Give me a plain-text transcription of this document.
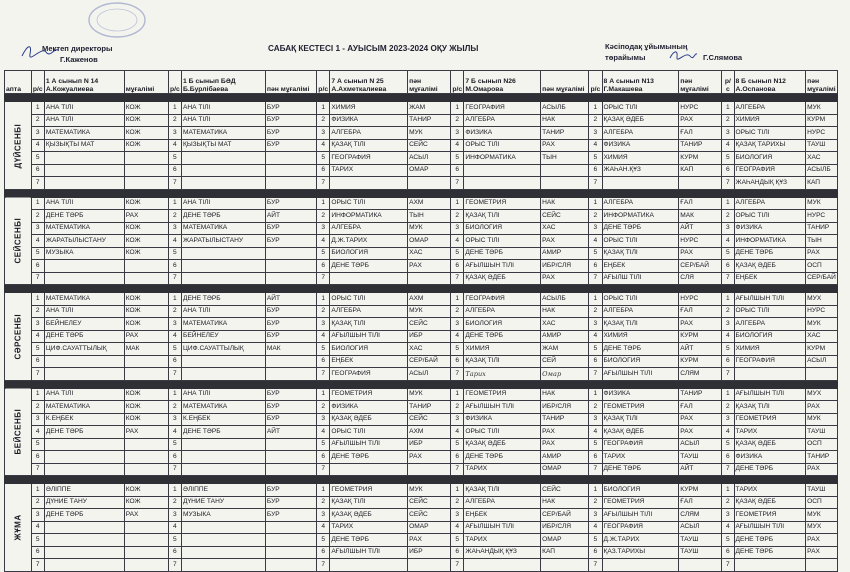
Мектеп директоры
Г.Каженов
САБАҚ КЕСТЕСІ 1 - АУЫСЫМ 2023-2024 ОҚУ ЖЫЛЫ	Кәсіподақ ұйымының
төрайымы	Г.Слямова
апта	р/с	1 А сынып N 14 А.Кожуалиева	мұғалімі	р/с	1 Б сынып БӘД Б.Бурлібаева	пән мұғалімі	р/с	7 А сынып N 25 А.Ахметкалиева	пән мұғалімі	р/с	7 Б сынып N26 М.Омарова	пән мұғалімі	р/с	8 А сынып N13 Г.Макашева	пән мұғалімі	р/с	8 Б сынып N12 А.Оспанова	пән мұғалімі

ДҮЙСЕНБІ	1	АНА ТІЛІ	КОЖ	1	АНА ТІЛІ	БУР	1	ХИМИЯ	ЖАМ	1	ГЕОГРАФИЯ	АСЫЛБ	1	ОРЫС ТІЛІ	НУРС	1	АЛГЕБРА	МУК
	2	АНА ТІЛІ	КОЖ	2	АНА ТІЛІ	БУР	2	ФИЗИКА	ТАНИР	2	АЛГЕБРА	НАК	2	ҚАЗАҚ ӘДЕБ	РАХ	2	ХИМИЯ	КУРМ
	3	МАТЕМАТИКА	КОЖ	3	МАТЕМАТИКА	БУР	3	АЛГЕБРА	МУК	3	ФИЗИКА	ТАНИР	3	АЛГЕБРА	ҒАЛ	3	ОРЫС ТІЛІ	НУРС
	4	ҚЫЗЫҚТЫ МАТ	КОЖ	4	ҚЫЗЫҚТЫ МАТ	БУР	4	ҚАЗАҚ ТІЛІ	СЕЙС	4	ОРЫС ТІЛІ	РАХ	4	ФИЗИКА	ТАНИР	4	ҚАЗАҚ ТАРИХЫ	ТАУШ
	5			5			5	ГЕОГРАФИЯ	АСЫЛ	5	ИНФОРМАТИКА	ТЫН	5	ХИМИЯ	КУРМ	5	БИОЛОГИЯ	ХАС
	6			6			6	ТАРИХ	ОМАР	6			6	ЖАҺАН.ҚҰЗ	КАП	6	ГЕОГРАФИЯ	АСЫЛБ
	7			7			7			7			7			7	ЖАҺАНДЫҚ ҚҰЗ	КАП

СЕЙСЕНБІ	1	АНА ТІЛІ	КОЖ	1	АНА ТІЛІ	БУР	1	ОРЫС ТІЛІ	АХМ	1	ГЕОМЕТРИЯ	НАК	1	АЛГЕБРА	ҒАЛ	1	АЛГЕБРА	МУК
	2	ДЕНЕ ТӘРБ	РАХ	2	ДЕНЕ ТӘРБ	АЙТ	2	ИНФОРМАТИКА	ТЫН	2	ҚАЗАҚ ТІЛІ	СЕЙС	2	ИНФОРМАТИКА	МАК	2	ОРЫС ТІЛІ	НУРС
	3	МАТЕМАТИКА	КОЖ	3	МАТЕМАТИКА	БУР	3	АЛГЕБРА	МУК	3	БИОЛОГИЯ	ХАС	3	ДЕНЕ ТӘРБ	АЙТ	3	ФИЗИКА	ТАНИР
	4	ЖАРАТЫЛЫСТАНУ	КОЖ	4	ЖАРАТЫЛЫСТАНУ	БУР	4	Д.Ж.ТАРИХ	ОМАР	4	ОРЫС ТІЛІ	РАХ	4	ОРЫС ТІЛІ	НУРС	4	ИНФОРМАТИКА	ТЫН
	5	МУЗЫКА	КОЖ	5			5	БИОЛОГИЯ	ХАС	5	ДЕНЕ ТӘРБ	АМИР	5	ҚАЗАҚ ТІЛІ	РАХ	5	ДЕНЕ ТӘРБ	РАХ
	6			6			6	ДЕНЕ ТӘРБ	РАХ	6	АҒЫЛШЫН ТІЛІ	ИБР/СЛЯ	6	ЕҢБЕК	СЕР/БАЙ	6	ҚАЗАҚ ӘДЕБ	ОСП
	7			7			7			7	ҚАЗАҚ ӘДЕБ	РАХ	7	АҒЫЛШ ТІЛІ	СЛЯ	7	ЕҢБЕК	СЕР/БАЙ

СӘРСЕНБІ	1	МАТЕМАТИКА	КОЖ	1	ДЕНЕ ТӘРБ	АЙТ	1	ОРЫС ТІЛІ	АХМ	1	ГЕОГРАФИЯ	АСЫЛБ	1	ОРЫС ТІЛІ	НУРС	1	АҒЫЛШЫН ТІЛІ	МУХ
	2	АНА ТІЛІ	КОЖ	2	АНА ТІЛІ	БУР	2	АЛГЕБРА	МУК	2	АЛГЕБРА	НАК	2	АЛГЕБРА	ҒАЛ	2	ОРЫС ТІЛІ	НУРС
	3	БЕЙНЕЛЕУ	КОЖ	3	МАТЕМАТИКА	БУР	3	ҚАЗАҚ ТІЛІ	СЕЙС	3	БИОЛОГИЯ	ХАС	3	ҚАЗАҚ ТІЛІ	РАХ	3	АЛГЕБРА	МУК
	4	ДЕНЕ ТӘРБ	РАХ	4	БЕЙНЕЛЕУ	БУР	4	АҒЫЛШЫН ТІЛІ	ИБР	4	ДЕНЕ ТӘРБ	АМИР	4	ХИМИЯ	КУРМ	4	БИОЛОГИЯ	ХАС
	5	ЦИФ.САУАТТЫЛЫҚ	МАК	5	ЦИФ.САУАТТЫЛЫҚ	МАК	5	БИОЛОГИЯ	ХАС	5	ХИМИЯ	ЖАМ	5	ДЕНЕ ТӘРБ	АЙТ	5	ХИМИЯ	КУРМ
	6			6			6	ЕҢБЕК	СЕР/БАЙ	6	ҚАЗАҚ ТІЛІ	СЕЙ	6	БИОЛОГИЯ	КУРМ	6	ГЕОГРАФИЯ	АСЫЛ
	7			7			7	ГЕОГРАФИЯ	АСЫЛ	7	Тарих	Омар	7	АҒЫЛШЫН ТІЛІ	СЛЯМ	7		

БЕЙСЕНБІ	1	АНА ТІЛІ	КОЖ	1	АНА ТІЛІ	БУР	1	ГЕОМЕТРИЯ	МУК	1	ГЕОМЕТРИЯ	НАК	1	ФИЗИКА	ТАНИР	1	АҒЫЛШЫН ТІЛІ	МУХ
	2	МАТЕМАТИКА	КОЖ	2	МАТЕМАТИКА	БУР	2	ФИЗИКА	ТАНИР	2	АҒЫЛШЫН ТІЛІ	ИБР/СЛЯ	2	ГЕОМЕТРИЯ	ҒАЛ	2	ҚАЗАҚ ТІЛІ	РАХ
	3	К.ЕҢБЕК	КОЖ	3	К.ЕҢБЕК	БУР	3	ҚАЗАҚ ӘДЕБ	СЕЙС	3	ФИЗИКА	ТАНИР	3	ҚАЗАҚ ТІЛІ	РАХ	3	ГЕОМЕТРИЯ	МУК
	4	ДЕНЕ ТӘРБ	РАХ	4	ДЕНЕ ТӘРБ	АЙТ	4	ОРЫС ТІЛІ	АХМ	4	ОРЫС ТІЛІ	РАХ	4	ҚАЗАҚ ӘДЕБ	РАХ	4	ТАРИХ	ТАУШ
	5			5			5	АҒЫЛШЫН ТІЛІ	ИБР	5	ҚАЗАҚ ӘДЕБ	РАХ	5	ГЕОГРАФИЯ	АСЫЛ	5	ҚАЗАҚ ӘДЕБ	ОСП
	6			6			6	ДЕНЕ ТӘРБ	РАХ	6	ДЕНЕ ТӘРБ	АМИР	6	ТАРИХ	ТАУШ	6	ФИЗИКА	ТАНИР
	7			7			7			7	ТАРИХ	ОМАР	7	ДЕНЕ ТӘРБ	АЙТ	7	ДЕНЕ ТӘРБ	РАХ

ЖҰМА	1	ӘЛІППЕ	КОЖ	1	ӘЛІППЕ	БУР	1	ГЕОМЕТРИЯ	МУК	1	ҚАЗАҚ ТІЛІ	СЕЙС	1	БИОЛОГИЯ	КУРМ	1	ТАРИХ	ТАУШ
	2	ДҮНИЕ ТАНУ	КОЖ	2	ДҮНИЕ ТАНУ	БУР	2	ҚАЗАҚ ТІЛІ	СЕЙС	2	АЛГЕБРА	НАК	2	ГЕОМЕТРИЯ	ҒАЛ	2	ҚАЗАҚ ӘДЕБ	ОСП
	3	ДЕНЕ ТӘРБ	РАХ	3	МУЗЫКА	БУР	3	ҚАЗАҚ ӘДЕБ	СЕЙС	3	ЕҢБЕК	СЕР/БАЙ	3	АҒЫЛШЫН ТІЛІ	СЛЯМ	3	ГЕОМЕТРИЯ	МУК
	4			4			4	ТАРИХ	ОМАР	4	АҒЫЛШЫН ТІЛІ	ИБР/СЛЯ	4	ГЕОГРАФИЯ	АСЫЛ	4	АҒЫЛШЫН ТІЛІ	МУХ
	5			5			5	ДЕНЕ ТӘРБ	РАХ	5	ТАРИХ	ОМАР	5	Д.Ж.ТАРИХ	ТАУШ	5	ДЕНЕ ТӘРБ	РАХ
	6			6			6	АҒЫЛШЫН ТІЛІ	ИБР	6	ЖАҺАНДЫҚ ҚҰЗ	КАП	6	ҚАЗ.ТАРИХЫ	ТАУШ	6	ДЕНЕ ТӘРБ	РАХ
	7			7			7			7			7			7		
